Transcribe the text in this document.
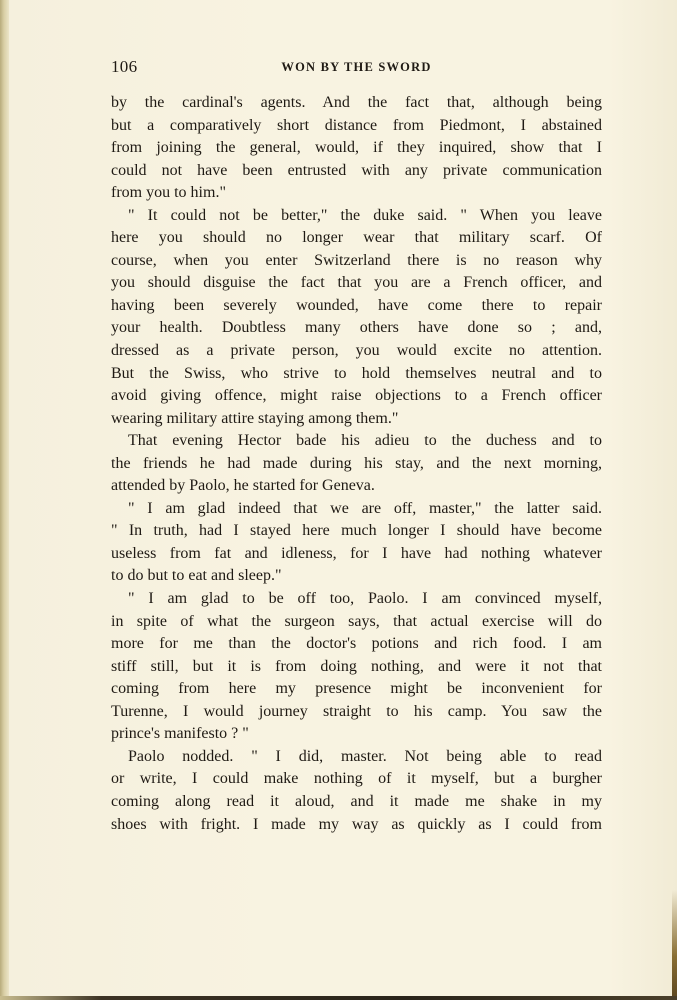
106	WON BY THE SWORD
by the cardinal's agents. And the fact that, although being
but a comparatively short distance from Piedmont, I abstained
from joining the general, would, if they inquired, show that I
could not have been entrusted with any private communication
from you to him."
" It could not be better," the duke said. " When you leave
here you should no longer wear that military scarf. Of
course, when you enter Switzerland there is no reason why
you should disguise the fact that you are a French officer, and
having been severely wounded, have come there to repair
your health. Doubtless many others have done so ; and,
dressed as a private person, you would excite no attention.
But the Swiss, who strive to hold themselves neutral and to
avoid giving offence, might raise objections to a French officer
wearing military attire staying among them."
That evening Hector bade his adieu to the duchess and to
the friends he had made during his stay, and the next morning,
attended by Paolo, he started for Geneva.
" I am glad indeed that we are off, master," the latter said.
" In truth, had I stayed here much longer I should have become
useless from fat and idleness, for I have had nothing whatever
to do but to eat and sleep."
" I am glad to be off too, Paolo. I am convinced myself,
in spite of what the surgeon says, that actual exercise will do
more for me than the doctor's potions and rich food. I am
stiff still, but it is from doing nothing, and were it not that
coming from here my presence might be inconvenient for
Turenne, I would journey straight to his camp. You saw the
prince's manifesto ? "
Paolo nodded. " I did, master. Not being able to read
or write, I could make nothing of it myself, but a burgher
coming along read it aloud, and it made me shake in my
shoes with fright. I made my way as quickly as I could from
